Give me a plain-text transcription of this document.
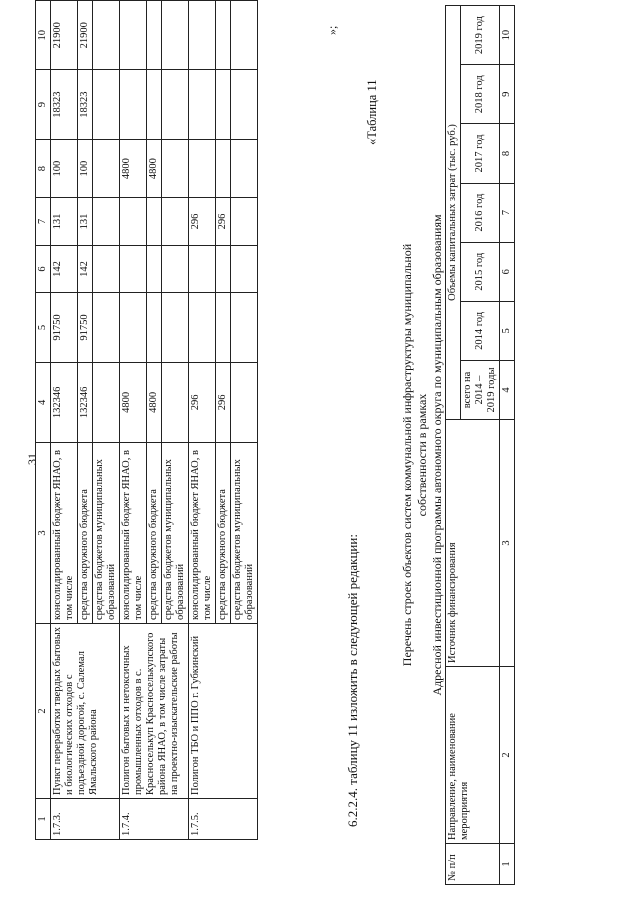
31
1	2	3	4	5	6	7	8	9	10
1.7.3.	Пункт переработки твердых бытовых и биологических отходов с подъездной дорогой, с. Салемал Ямальского района	консолидированный бюджет ЯНАО, в том числе	132346	91750	142	131	100	18323	21900
		средства окружного бюджета	132346	91750	142	131	100	18323	21900
		средства бюджетов муниципальных образований							
1.7.4.	Полигон бытовых и нетоксичных промышленных отходов в с. Красноселькуп Красноселькупского района ЯНАО, в том числе затраты на проектно-изыскательские работы	консолидированный бюджет ЯНАО, в том числе	4800				4800		
		средства окружного бюджета	4800				4800		
		средства бюджетов муниципальных образований							
1.7.5.	Полигон ТБО и ППО г. Губкинский	консолидированный бюджет ЯНАО, в том числе	296			296			
		средства окружного бюджета	296			296			
		средства бюджетов муниципальных образований							
»;
6.2.2.4. таблицу 11 изложить в следующей редакции:
«Таблица 11
Перечень строек объектов систем коммунальной инфраструктуры муниципальной собственности в рамках Адресной инвестиционной программы автономного округа по муниципальным образованиям
№ п/п	Направление, наименование мероприятия	Источник финансирования	Объемы капитальных затрат (тыс. руб.)						
			всего на 2014 – 2019 годы	2014 год	2015 год	2016 год	2017 год	2018 год	2019 год
1	2	3	4	5	6	7	8	9	10
